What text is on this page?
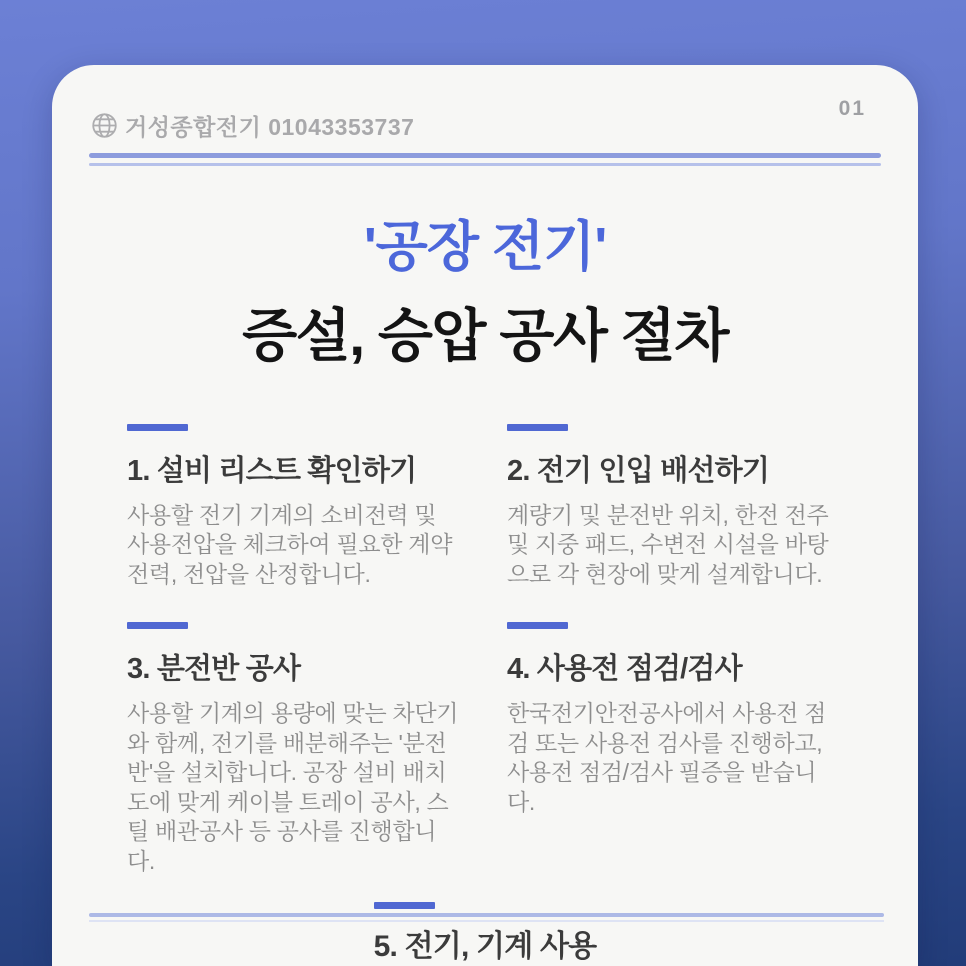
거성종합전기 01043353737
01
'공장 전기'
증설, 승압 공사 절차
1. 설비 리스트 확인하기

사용할 전기 기계의 소비전력 및 사용전압을 체크하여 필요한 계약 전력, 전압을 산정합니다.

2. 전기 인입 배선하기

계량기 및 분전반 위치, 한전 전주 및 지중 패드, 수변전 시설을 바탕으로 각 현장에 맞게 설계합니다.

3. 분전반 공사

사용할 기계의 용량에 맞는 차단기와 함께, 전기를 배분해주는 '분전반'을 설치합니다. 공장 설비 배치도에 맞게 케이블 트레이 공사, 스틸 배관공사 등 공사를 진행합니다.

4. 사용전 점검/검사

한국전기안전공사에서 사용전 점검 또는 사용전 검사를 진행하고, 사용전 점검/검사 필증을 받습니다.

5. 전기, 기계 사용
